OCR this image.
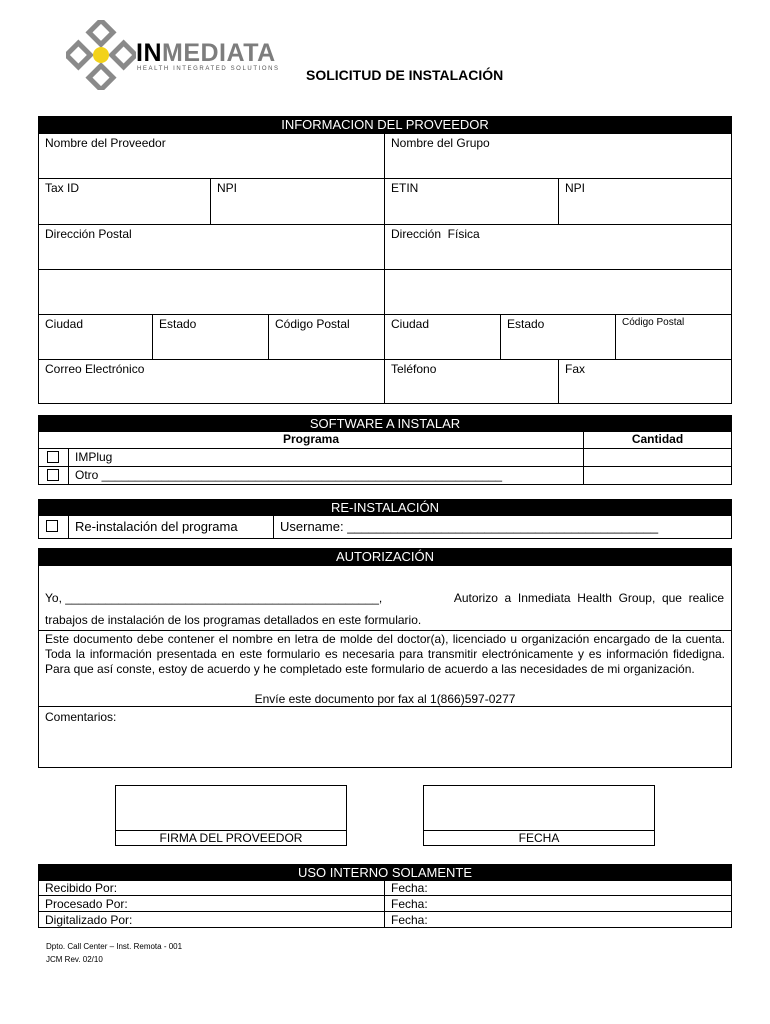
INMEDIATA
HEALTH INTEGRATED SOLUTIONS SOLICITUD DE INSTALACIÓN
INFORMACION DEL PROVEEDOR
Nombre del Proveedor	Nombre del Grupo
Tax ID	NPI	ETIN	NPI
Dirección Postal	Dirección  Física
Ciudad	Estado	Código Postal	Ciudad	Estado	Código Postal
Correo Electrónico	Teléfono	Fax
SOFTWARE A INSTALAR
Programa	Cantidad
IMPlug
Otro ____________________________________________________________
RE-INSTALACIÓN
Re-instalación del programa	Username: ___________________________________________
AUTORIZACIÓN
Yo, _______________________________________________,	Autorizo  a  Inmediata  Health  Group,  que  realice
trabajos de instalación de los programas detallados en este formulario.
Este documento debe contener el nombre en letra de molde del doctor(a), licenciado u organización encargado de la cuenta. Toda la información presentada en este formulario es necesaria para transmitir electrónicamente y es información fidedigna. Para que así conste, estoy de acuerdo y he completado este formulario de acuerdo a las necesidades de mi organización.
Envíe este documento por fax al 1(866)597-0277
Comentarios:
FIRMA DEL PROVEEDOR	FECHA
USO INTERNO SOLAMENTE
Recibido Por:	Fecha:
Procesado Por:	Fecha:
Digitalizado Por:	Fecha:
Dpto. Call Center – Inst. Remota - 001
JCM Rev. 02/10
